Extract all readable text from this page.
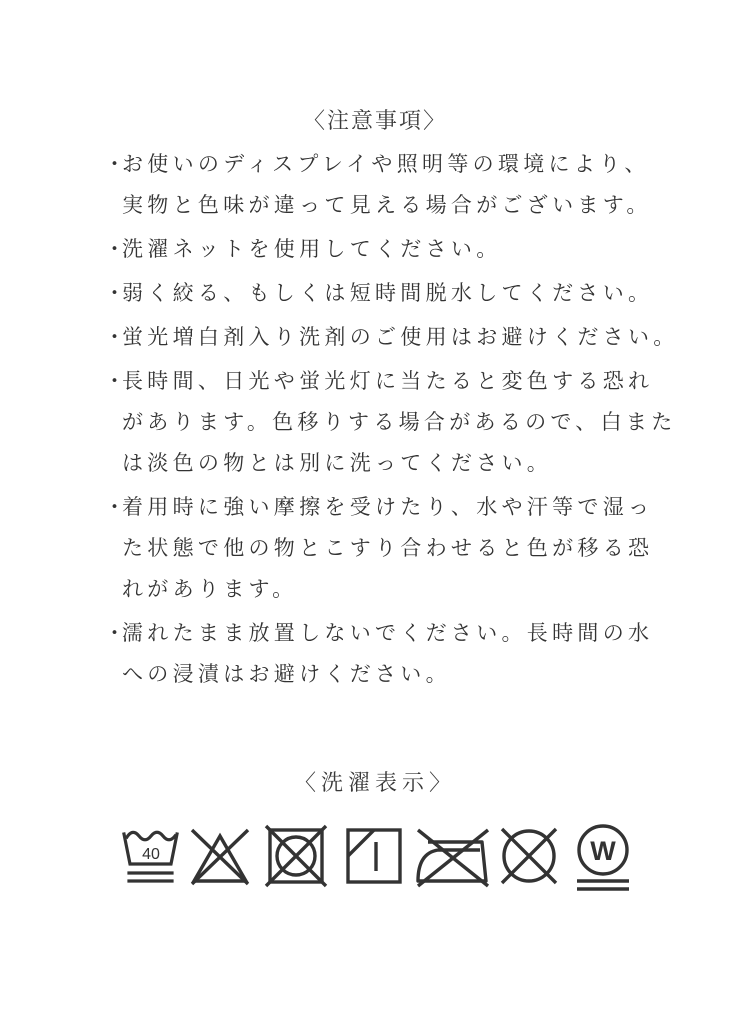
〈注意事項〉
・
お使いのディスプレイや照明等の環境により、
実物と色味が違って見える場合がございます。
・
洗濯ネットを使用してください。
・
弱く絞る、もしくは短時間脱水してください。
・
蛍光増白剤入り洗剤のご使用はお避けください。
・
長時間、日光や蛍光灯に当たると変色する恐れ
があります。色移りする場合があるので、白また
は淡色の物とは別に洗ってください。
・
着用時に強い摩擦を受けたり、水や汗等で湿っ
た状態で他の物とこすり合わせると色が移る恐
れがあります。
・
濡れたまま放置しないでください。長時間の水
への浸漬はお避けください。
〈洗濯表示〉
40	W
